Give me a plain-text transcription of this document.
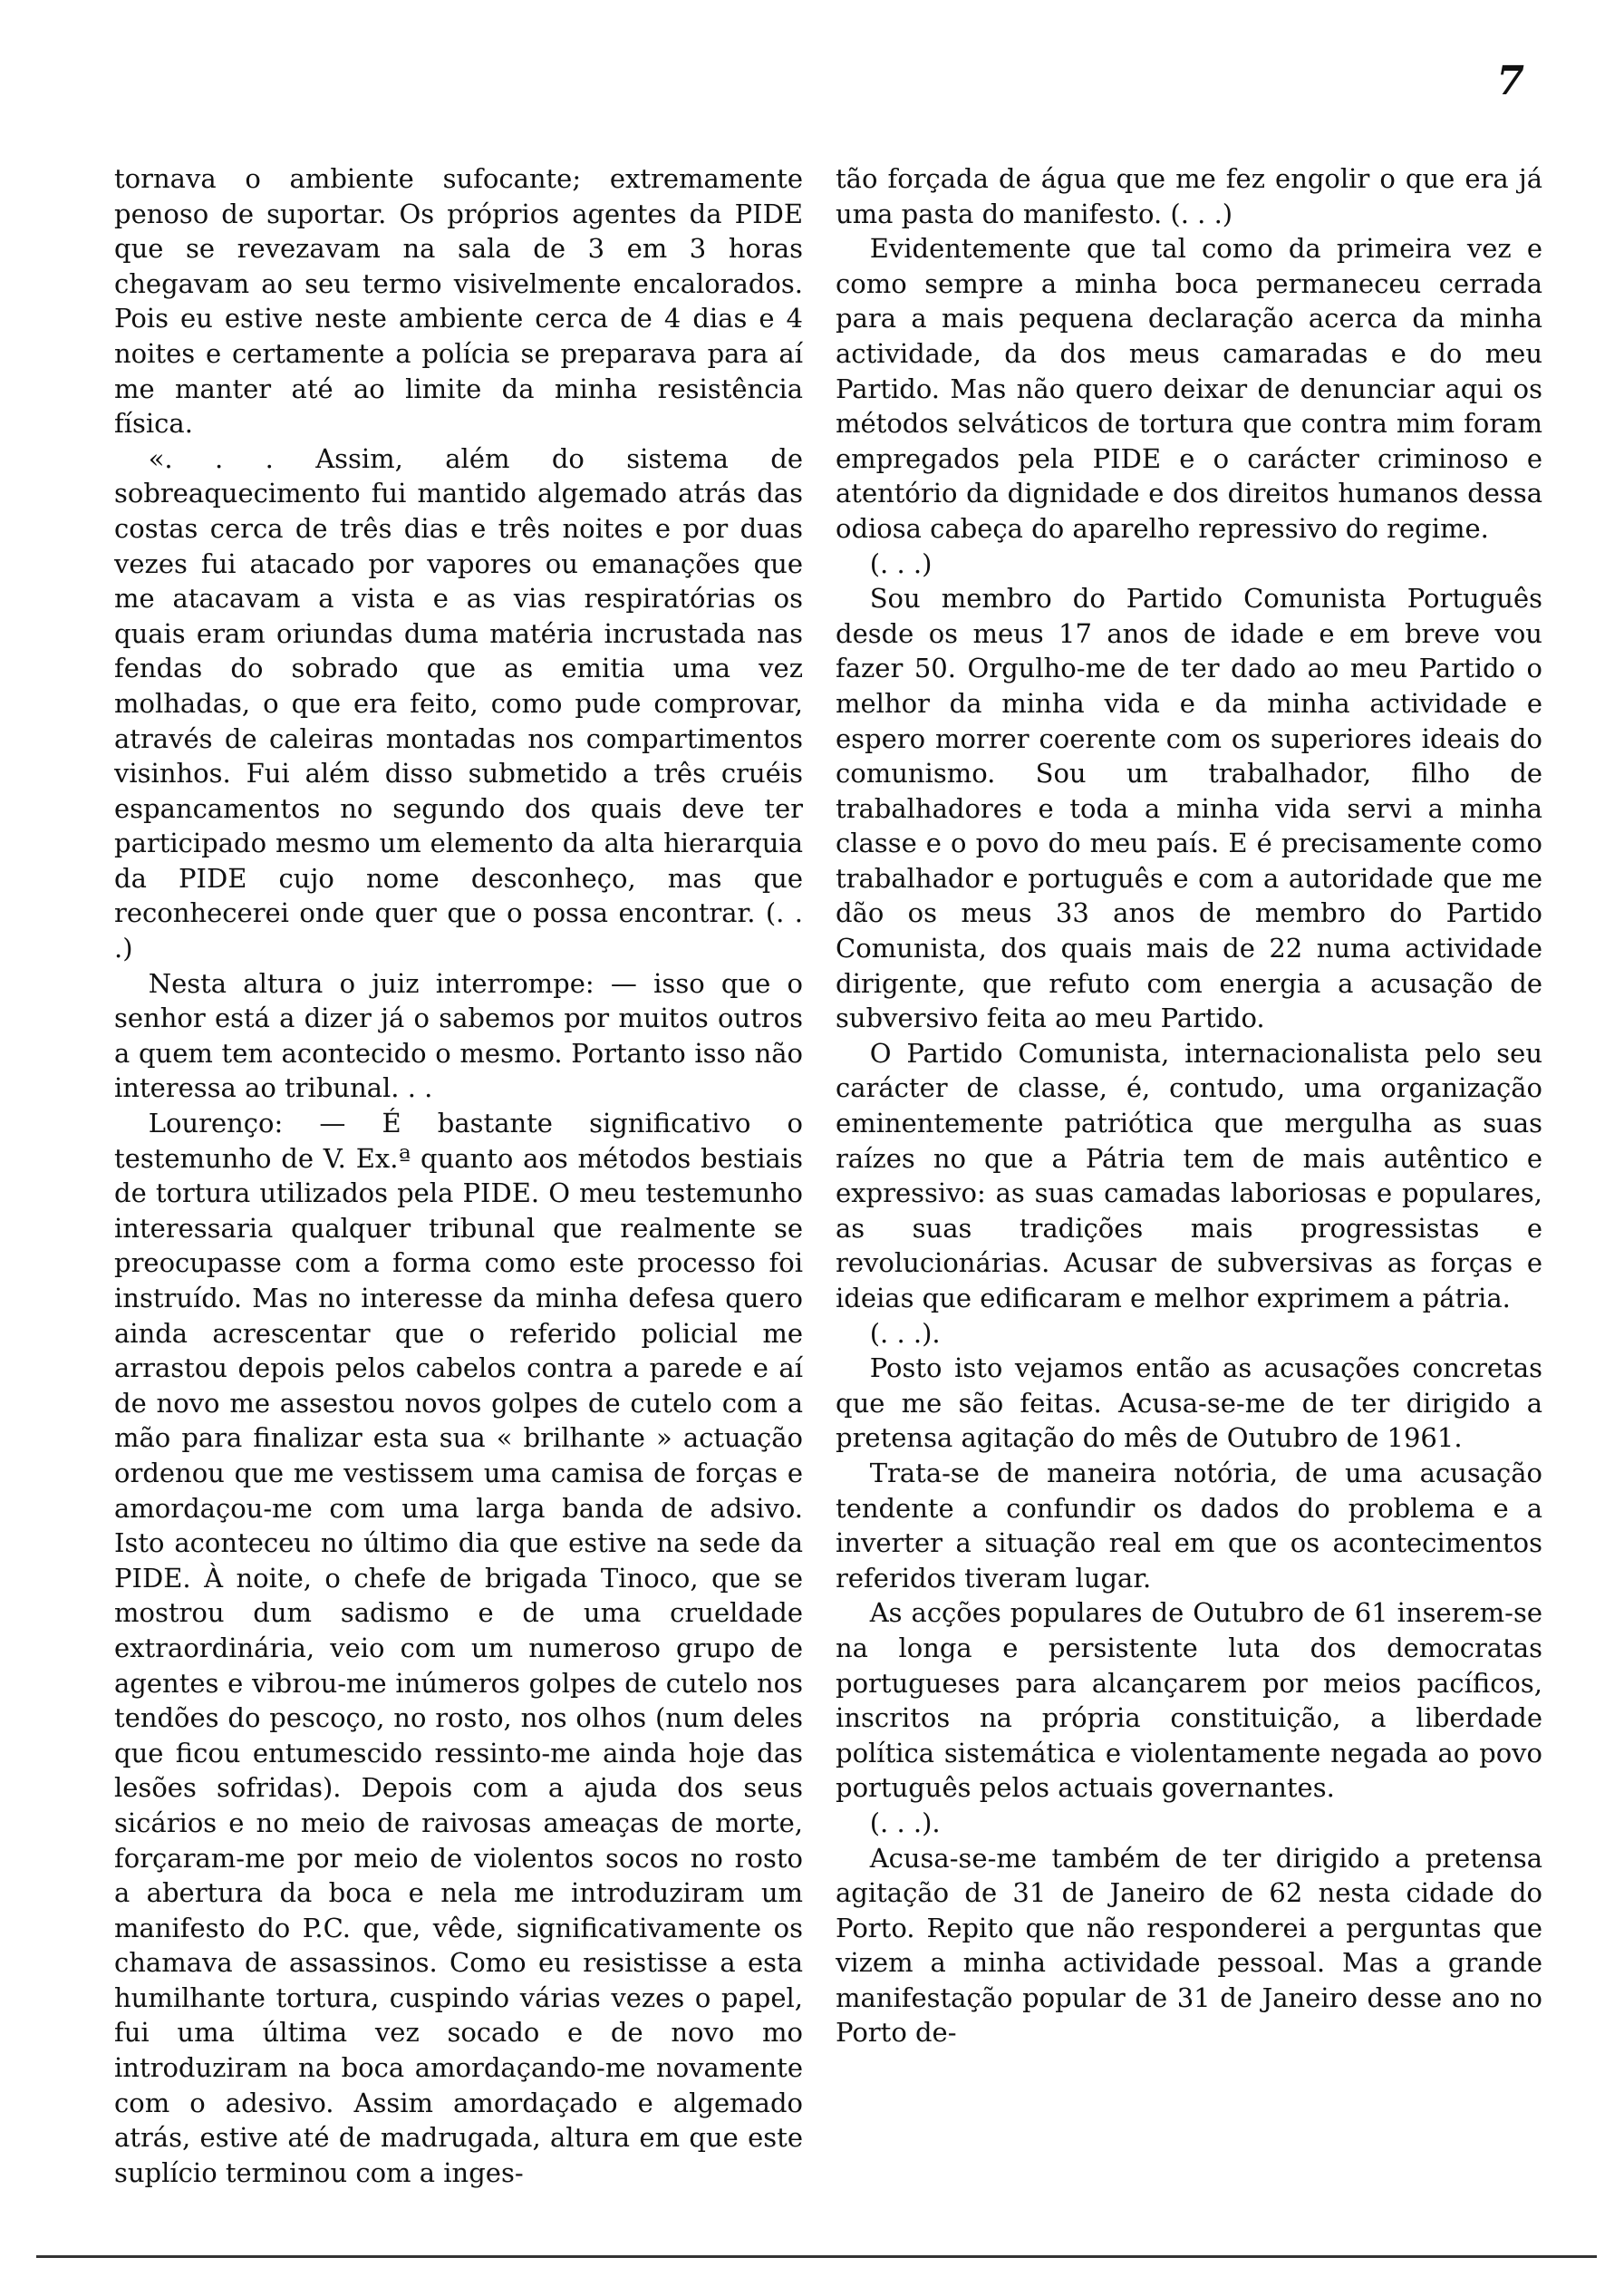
7

tornava o ambiente sufocante; extremamente penoso de suportar. Os próprios agentes da PIDE que se revezavam na sala de 3 em 3 horas chegavam ao seu termo visivelmente encalorados. Pois eu estive neste ambiente cerca de 4 dias e 4 noites e certamente a polícia se preparava para aí me manter até ao limite da minha resistência física.

«. . . Assim, além do sistema de sobreaquecimento fui mantido algemado atrás das costas cerca de três dias e três noites e por duas vezes fui atacado por vapores ou emanações que me atacavam a vista e as vias respiratórias os quais eram oriundas duma matéria incrustada nas fendas do sobrado que as emitia uma vez molhadas, o que era feito, como pude comprovar, através de caleiras montadas nos compartimentos visinhos. Fui além disso submetido a três cruéis espancamentos no segundo dos quais deve ter participado mesmo um elemento da alta hierarquia da PIDE cujo nome desconheço, mas que reconhecerei onde quer que o possa encontrar. (. . .)

Nesta altura o juiz interrompe: — isso que o senhor está a dizer já o sabemos por muitos outros a quem tem acontecido o mesmo. Portanto isso não interessa ao tribunal. . .

Lourenço: — É bastante significativo o testemunho de V. Ex.ª quanto aos métodos bestiais de tortura utilizados pela PIDE. O meu testemunho interessaria qualquer tribunal que realmente se preocupasse com a forma como este processo foi instruído. Mas no interesse da minha defesa quero ainda acrescentar que o referido policial me arrastou depois pelos cabelos contra a parede e aí de novo me assestou novos golpes de cutelo com a mão para finalizar esta sua « brilhante » actuação ordenou que me vestissem uma camisa de forças e amordaçou-me com uma larga banda de adsivo. Isto aconteceu no último dia que estive na sede da PIDE. À noite, o chefe de brigada Tinoco, que se mostrou dum sadismo e de uma crueldade extraordinária, veio com um numeroso grupo de agentes e vibrou-me inúmeros golpes de cutelo nos tendões do pescoço, no rosto, nos olhos (num deles que ficou entumescido ressinto-me ainda hoje das lesões sofridas). Depois com a ajuda dos seus sicários e no meio de raivosas ameaças de morte, forçaram-me por meio de violentos socos no rosto a abertura da boca e nela me introduziram um manifesto do P.C. que, vêde, significativamente os chamava de assassinos. Como eu resistisse a esta humilhante tortura, cuspindo várias vezes o papel, fui uma última vez socado e de novo mo introduziram na boca amordaçando-me novamente com o adesivo. Assim amordaçado e algemado atrás, estive até de madrugada, altura em que este suplício terminou com a inges-

tão forçada de água que me fez engolir o que era já uma pasta do manifesto. (. . .)

Evidentemente que tal como da primeira vez e como sempre a minha boca permaneceu cerrada para a mais pequena declaração acerca da minha actividade, da dos meus camaradas e do meu Partido. Mas não quero deixar de denunciar aqui os métodos selváticos de tortura que contra mim foram empregados pela PIDE e o carácter criminoso e atentório da dignidade e dos direitos humanos dessa odiosa cabeça do aparelho repressivo do regime.

(. . .)

Sou membro do Partido Comunista Português desde os meus 17 anos de idade e em breve vou fazer 50. Orgulho-me de ter dado ao meu Partido o melhor da minha vida e da minha actividade e espero morrer coerente com os superiores ideais do comunismo. Sou um trabalhador, filho de trabalhadores e toda a minha vida servi a minha classe e o povo do meu país. E é precisamente como trabalhador e português e com a autoridade que me dão os meus 33 anos de membro do Partido Comunista, dos quais mais de 22 numa actividade dirigente, que refuto com energia a acusação de subversivo feita ao meu Partido.

O Partido Comunista, internacionalista pelo seu carácter de classe, é, contudo, uma organização eminentemente patriótica que mergulha as suas raízes no que a Pátria tem de mais autêntico e expressivo: as suas camadas laboriosas e populares, as suas tradições mais progressistas e revolucionárias. Acusar de subversivas as forças e ideias que edificaram e melhor exprimem a pátria.

(. . .).

Posto isto vejamos então as acusações concretas que me são feitas. Acusa-se-me de ter dirigido a pretensa agitação do mês de Outubro de 1961.

Trata-se de maneira notória, de uma acusação tendente a confundir os dados do problema e a inverter a situação real em que os acontecimentos referidos tiveram lugar.

As acções populares de Outubro de 61 inserem-se na longa e persistente luta dos democratas portugueses para alcançarem por meios pacíficos, inscritos na própria constituição, a liberdade política sistemática e violentamente negada ao povo português pelos actuais governantes.

(. . .).

Acusa-se-me também de ter dirigido a pretensa agitação de 31 de Janeiro de 62 nesta cidade do Porto. Repito que não responderei a perguntas que vizem a minha actividade pessoal. Mas a grande manifestação popular de 31 de Janeiro desse ano no Porto de-
